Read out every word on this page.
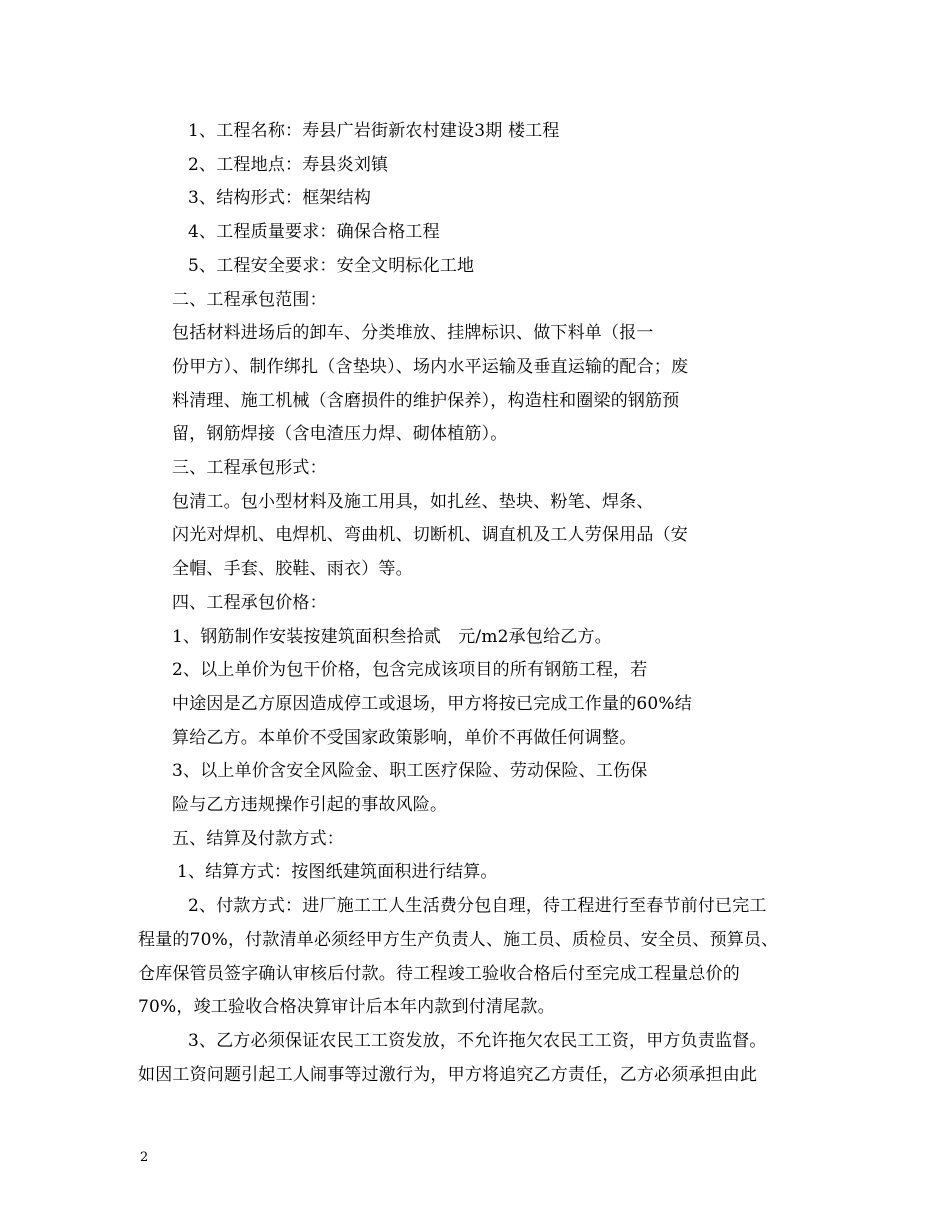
1、工程名称：寿县广岩街新农村建设3期 楼工程
2、工程地点：寿县炎刘镇
3、结构形式：框架结构
4、工程质量要求：确保合格工程
5、工程安全要求：安全文明标化工地
二、工程承包范围：
包括材料进场后的卸车、分类堆放、挂牌标识、做下料单（报一
份甲方）、制作绑扎（含垫块）、场内水平运输及垂直运输的配合；废
料清理、施工机械（含磨损件的维护保养），构造柱和圈梁的钢筋预
留，钢筋焊接（含电渣压力焊、砌体植筋）。
三、工程承包形式：
包清工。包小型材料及施工用具，如扎丝、垫块、粉笔、焊条、
闪光对焊机、电焊机、弯曲机、切断机、调直机及工人劳保用品（安
全帽、手套、胶鞋、雨衣）等。
四、工程承包价格：
1、钢筋制作安装按建筑面积叁拾贰　元/m2承包给乙方。
2、以上单价为包干价格，包含完成该项目的所有钢筋工程，若
中途因是乙方原因造成停工或退场，甲方将按已完成工作量的60%结
算给乙方。本单价不受国家政策影响，单价不再做任何调整。
3、以上单价含安全风险金、职工医疗保险、劳动保险、工伤保
险与乙方违规操作引起的事故风险。
五、结算及付款方式：
1、结算方式：按图纸建筑面积进行结算。
2、付款方式：进厂施工工人生活费分包自理，待工程进行至春节前付已完工
程量的70%，付款清单必须经甲方生产负责人、施工员、质检员、安全员、预算员、
仓库保管员签字确认审核后付款。待工程竣工验收合格后付至完成工程量总价的
70%，竣工验收合格决算审计后本年内款到付清尾款。
3、乙方必须保证农民工工资发放，不允许拖欠农民工工资，甲方负责监督。
如因工资问题引起工人闹事等过激行为，甲方将追究乙方责任，乙方必须承担由此
2
